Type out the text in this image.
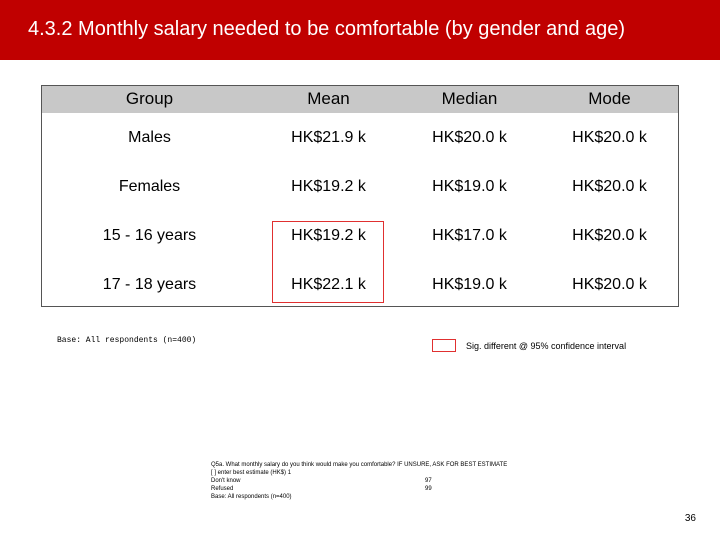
4.3.2 Monthly salary needed to be comfortable (by gender and age)
Group	Mean	Median	Mode
Males	HK$21.9 k	HK$20.0 k	HK$20.0 k
Females	HK$19.2 k	HK$19.0 k	HK$20.0 k
15 - 16 years	HK$19.2 k	HK$17.0 k	HK$20.0 k
17 - 18 years	HK$22.1 k	HK$19.0 k	HK$20.0 k
Base: All respondents (n=400)
Sig. different @ 95% confidence interval
Q5a. What monthly salary do you think would make you comfortable? IF UNSURE, ASK FOR BEST ESTIMATE
[ ] enter best estimate (HK$) 1
Don't know	97
Refused	99
Base: All respondents (n=400)
36
